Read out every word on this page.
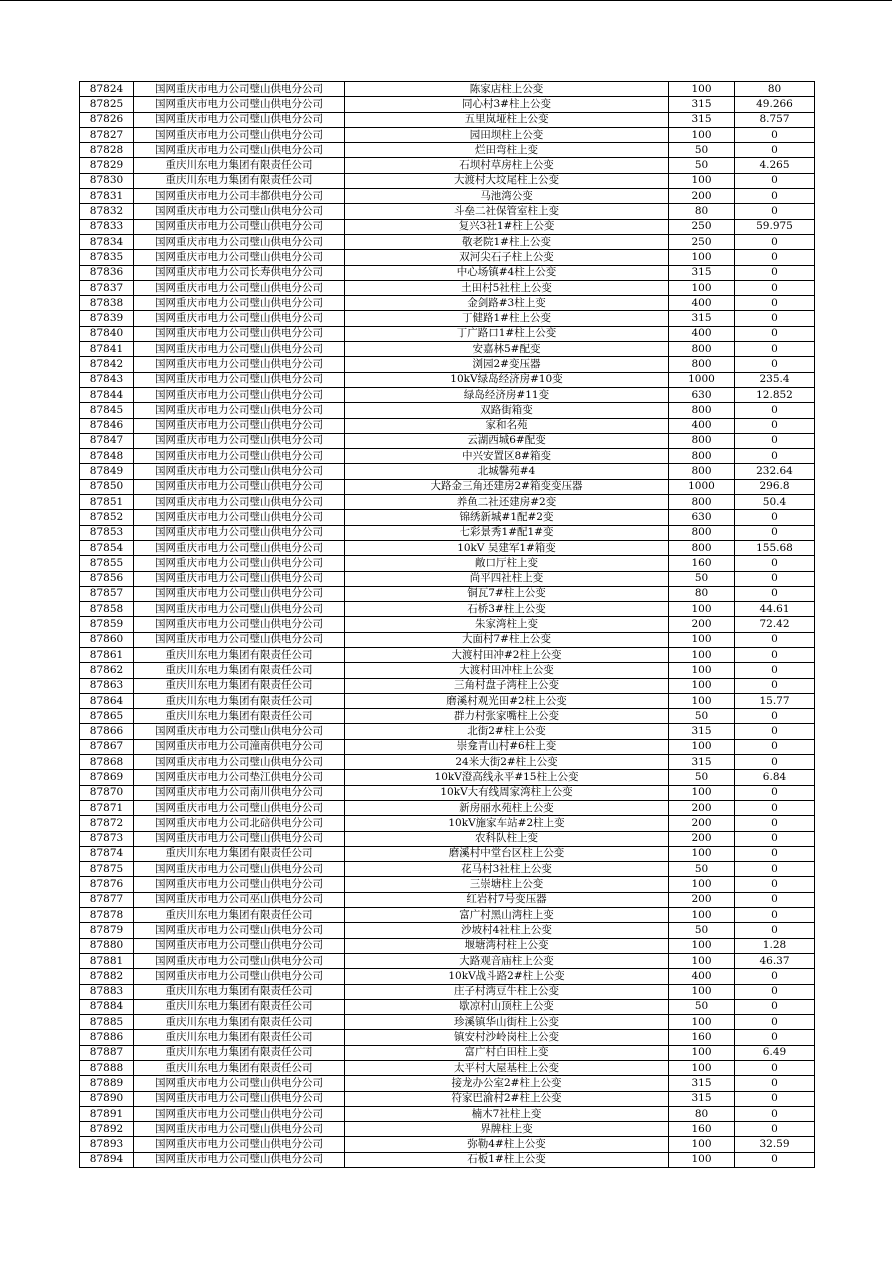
87824	国网重庆市电力公司璧山供电分公司	陈家店柱上公变	100	80
87825	国网重庆市电力公司璧山供电分公司	同心村3#柱上公变	315	49.266
87826	国网重庆市电力公司璧山供电分公司	五里岚垭柱上公变	315	8.757
87827	国网重庆市电力公司璧山供电分公司	园田坝柱上公变	100	0
87828	国网重庆市电力公司璧山供电分公司	烂田弯柱上变	50	0
87829	重庆川东电力集团有限责任公司	石坝村草房柱上公变	50	4.265
87830	重庆川东电力集团有限责任公司	大渡村大坟尾柱上公变	100	0
87831	国网重庆市电力公司丰都供电分公司	马池湾公变	200	0
87832	国网重庆市电力公司璧山供电分公司	斗垒二社保管室柱上变	80	0
87833	国网重庆市电力公司璧山供电分公司	复兴3社1#柱上公变	250	59.975
87834	国网重庆市电力公司璧山供电分公司	敬老院1#柱上公变	250	0
87835	国网重庆市电力公司璧山供电分公司	双河尖石子柱上公变	100	0
87836	国网重庆市电力公司长寿供电分公司	中心场镇#4柱上公变	315	0
87837	国网重庆市电力公司璧山供电分公司	土田村5社柱上公变	100	0
87838	国网重庆市电力公司璧山供电分公司	金剑路#3柱上变	400	0
87839	国网重庆市电力公司璧山供电分公司	丁健路1#柱上公变	315	0
87840	国网重庆市电力公司璧山供电分公司	丁广路口1#柱上公变	400	0
87841	国网重庆市电力公司璧山供电分公司	安嘉林5#配变	800	0
87842	国网重庆市电力公司璧山供电分公司	浏园2#变压器	800	0
87843	国网重庆市电力公司璧山供电分公司	10kV绿岛经济房#10变	1000	235.4
87844	国网重庆市电力公司璧山供电分公司	绿岛经济房#11变	630	12.852
87845	国网重庆市电力公司璧山供电分公司	双路街箱变	800	0
87846	国网重庆市电力公司璧山供电分公司	家和名苑	400	0
87847	国网重庆市电力公司璧山供电分公司	云湖西城6#配变	800	0
87848	国网重庆市电力公司璧山供电分公司	中兴安置区8#箱变	800	0
87849	国网重庆市电力公司璧山供电分公司	北城馨苑#4	800	232.64
87850	国网重庆市电力公司璧山供电分公司	大路金三角还建房2#箱变变压器	1000	296.8
87851	国网重庆市电力公司璧山供电分公司	养鱼二社还建房#2变	800	50.4
87852	国网重庆市电力公司璧山供电分公司	锦绣新城#1配#2变	630	0
87853	国网重庆市电力公司璧山供电分公司	七彩景秀1#配1#变	800	0
87854	国网重庆市电力公司璧山供电分公司	10kV 吴建军1#箱变	800	155.68
87855	国网重庆市电力公司璧山供电分公司	敞口厅柱上变	160	0
87856	国网重庆市电力公司璧山供电分公司	尚平四社柱上变	50	0
87857	国网重庆市电力公司璧山供电分公司	铜瓦7#柱上公变	80	0
87858	国网重庆市电力公司璧山供电分公司	石桥3#柱上公变	100	44.61
87859	国网重庆市电力公司璧山供电分公司	朱家湾柱上变	200	72.42
87860	国网重庆市电力公司璧山供电分公司	大面村7#柱上公变	100	0
87861	重庆川东电力集团有限责任公司	大渡村田冲#2柱上公变	100	0
87862	重庆川东电力集团有限责任公司	大渡村田冲柱上公变	100	0
87863	重庆川东电力集团有限责任公司	三角村盘子湾柱上公变	100	0
87864	重庆川东电力集团有限责任公司	磨溪村观光田#2柱上公变	100	15.77
87865	重庆川东电力集团有限责任公司	群力村张家嘴柱上公变	50	0
87866	国网重庆市电力公司璧山供电分公司	北街2#柱上公变	315	0
87867	国网重庆市电力公司潼南供电分公司	崇龛青山村#6柱上变	100	0
87868	国网重庆市电力公司璧山供电分公司	24米大街2#柱上公变	315	0
87869	国网重庆市电力公司垫江供电分公司	10kV澄高线永平#15柱上公变	50	6.84
87870	国网重庆市电力公司南川供电分公司	10kV大有线周家湾柱上公变	100	0
87871	国网重庆市电力公司璧山供电分公司	新房丽水苑柱上公变	200	0
87872	国网重庆市电力公司北碚供电分公司	10kV施家车站#2柱上变	200	0
87873	国网重庆市电力公司璧山供电分公司	农科队柱上变	200	0
87874	重庆川东电力集团有限责任公司	磨溪村中堂台区柱上公变	100	0
87875	国网重庆市电力公司璧山供电分公司	花马村3社柱上公变	50	0
87876	国网重庆市电力公司璧山供电分公司	三崇塘柱上公变	100	0
87877	国网重庆市电力公司巫山供电分公司	红岩村7号变压器	200	0
87878	重庆川东电力集团有限责任公司	富广村黑山湾柱上变	100	0
87879	国网重庆市电力公司璧山供电分公司	沙坡村4社柱上公变	50	0
87880	国网重庆市电力公司璧山供电分公司	堰塘湾村柱上公变	100	1.28
87881	国网重庆市电力公司璧山供电分公司	大路观音庙柱上公变	100	46.37
87882	国网重庆市电力公司璧山供电分公司	10kV战斗路2#柱上公变	400	0
87883	重庆川东电力集团有限责任公司	庄子村湾豆牛柱上公变	100	0
87884	重庆川东电力集团有限责任公司	歇凉村山顶柱上公变	50	0
87885	重庆川东电力集团有限责任公司	珍溪镇华山街柱上公变	100	0
87886	重庆川东电力集团有限责任公司	镇安村沙岭岗柱上公变	160	0
87887	重庆川东电力集团有限责任公司	富广村白田柱上变	100	6.49
87888	重庆川东电力集团有限责任公司	太平村大屋基柱上公变	100	0
87889	国网重庆市电力公司璧山供电分公司	接龙办公室2#柱上公变	315	0
87890	国网重庆市电力公司璧山供电分公司	符家巴渝村2#柱上公变	315	0
87891	国网重庆市电力公司璧山供电分公司	楠木7社柱上变	80	0
87892	国网重庆市电力公司璧山供电分公司	界牌柱上变	160	0
87893	国网重庆市电力公司璧山供电分公司	弥勒4#柱上公变	100	32.59
87894	国网重庆市电力公司璧山供电分公司	石板1#柱上公变	100	0
